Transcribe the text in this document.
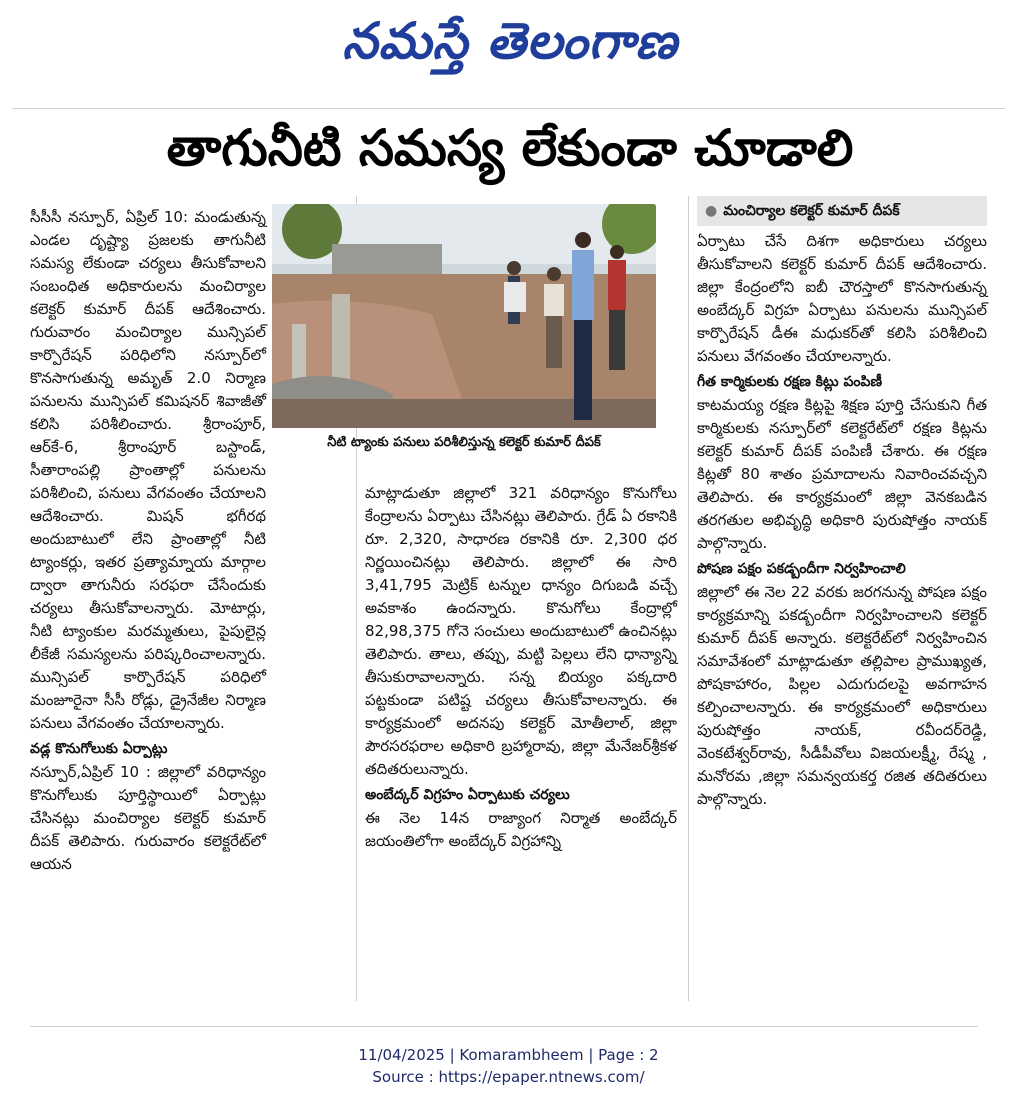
నమస్తే తెలంగాణ
తాగునీటి సమస్య లేకుండా చూడాలి

సీసీసీ నస్పూర్, ఏప్రిల్ 10: మండుతున్న ఎండల దృష్ట్యా ప్రజలకు తాగునీటి సమస్య లేకుండా చర్యలు తీసుకోవాలని సంబంధిత అధికారులను మంచిర్యాల కలెక్టర్ కుమార్ దీపక్ ఆదేశించారు. గురువారం మంచిర్యాల మున్సిపల్ కార్పొరేషన్ పరిధిలోని నస్పూర్‌లో కొనసాగుతున్న అమృత్ 2.0 నిర్మాణ పనులను మున్సిపల్ కమిషనర్ శివాజీతో కలిసి పరిశీలించారు. శ్రీరాంపూర్, ఆర్‌కే-6, శ్రీరాంపూర్ బస్టాండ్, సీతారాంపల్లి ప్రాంతాల్లో పనులను పరిశీలించి, పనులు వేగవంతం చేయాలని ఆదేశించారు. మిషన్ భగీరథ అందుబాటులో లేని ప్రాంతాల్లో నీటి ట్యాంకర్లు, ఇతర ప్రత్యామ్నాయ మార్గాల ద్వారా తాగునీరు సరఫరా చేసేందుకు చర్యలు తీసుకోవాలన్నారు. మోటార్లు, నీటి ట్యాంకుల మరమ్మతులు, పైపులైన్ల లీకేజీ సమస్యలను పరిష్కరించాలన్నారు. మున్సిపల్ కార్పొరేషన్ పరిధిలో మంజూరైనా సీసీ రోడ్లు, డ్రైనేజీల నిర్మాణ పనులు వేగవంతం చేయాలన్నారు.

వడ్ల కొనుగోలుకు ఏర్పాట్లు

నస్పూర్,ఏప్రిల్ 10 : జిల్లాలో వరిధాన్యం కొనుగోలుకు పూర్తిస్థాయిలో ఏర్పాట్లు చేసినట్లు మంచిర్యాల కలెక్టర్ కుమార్ దీపక్ తెలిపారు. గురువారం కలెక్టరేట్‌లో ఆయన

నీటి ట్యాంకు పనులు పరిశీలిస్తున్న కలెక్టర్ కుమార్ దీపక్

మాట్లాడుతూ జిల్లాలో 321 వరిధాన్యం కొనుగోలు కేంద్రాలను ఏర్పాటు చేసినట్లు తెలిపారు. గ్రేడ్ ఏ రకానికి రూ. 2,320, సాధారణ రకానికి రూ. 2,300 ధర నిర్ణయించినట్లు తెలిపారు. జిల్లాలో ఈ సారి 3,41,795 మెట్రిక్ టన్నుల ధాన్యం దిగుబడి వచ్చే అవకాశం ఉందన్నారు. కొనుగోలు కేంద్రాల్లో 82,98,375 గోనె సంచులు అందుబాటులో ఉంచినట్లు తెలిపారు. తాలు, తప్పు, మట్టి పెల్లలు లేని ధాన్యాన్ని తీసుకురావాలన్నారు. సన్న బియ్యం పక్కదారి పట్టకుండా పటిష్ట చర్యలు తీసుకోవాలన్నారు. ఈ కార్యక్రమంలో అదనపు కలెక్టర్ మోతీలాల్, జిల్లా పౌరసరఫరాల అధికారి బ్రహ్మారావు, జిల్లా మేనేజర్‌శ్రీకళ తదితరులున్నారు.

అంబేద్కర్ విగ్రహం ఏర్పాటుకు చర్యలు

ఈ నెల 14న రాజ్యాంగ నిర్మాత అంబేద్కర్ జయంతిలోగా అంబేద్కర్ విగ్రహాన్ని

● మంచిర్యాల కలెక్టర్ కుమార్ దీపక్

ఏర్పాటు చేసే దిశగా అధికారులు చర్యలు తీసుకోవాలని కలెక్టర్ కుమార్ దీపక్ ఆదేశించారు. జిల్లా కేంద్రంలోని ఐబీ చౌరస్తాలో కొనసాగుతున్న అంబేద్కర్ విగ్రహ ఏర్పాటు పనులను మున్సిపల్ కార్పొరేషన్ డీఈ మధుకర్‌తో కలిసి పరిశీలించి పనులు వేగవంతం చేయాలన్నారు.

గీత కార్మికులకు రక్షణ కిట్లు పంపిణీ

కాటమయ్య రక్షణ కిట్లపై శిక్షణ పూర్తి చేసుకుని గీత కార్మికులకు నస్పూర్‌లో కలెక్టరేట్‌లో రక్షణ కిట్లను కలెక్టర్ కుమార్ దీపక్ పంపిణీ చేశారు. ఈ రక్షణ కిట్లతో 80 శాతం ప్రమాదాలను నివారించవచ్చని తెలిపారు. ఈ కార్యక్రమంలో జిల్లా వెనకబడిన తరగతుల అభివృద్ధి అధికారి పురుషోత్తం నాయక్ పాల్గొన్నారు.

పోషణ పక్షం పకడ్బందీగా నిర్వహించాలి

జిల్లాలో ఈ నెల 22 వరకు జరగనున్న పోషణ పక్షం కార్యక్రమాన్ని పకడ్బందీగా నిర్వహించాలని కలెక్టర్ కుమార్ దీపక్ అన్నారు. కలెక్టరేట్‌లో నిర్వహించిన సమావేశంలో మాట్లాడుతూ తల్లిపాల ప్రాముఖ్యత, పోషకాహారం, పిల్లల ఎదుగుదలపై అవగాహన కల్పించాలన్నారు. ఈ కార్యక్రమంలో అధికారులు పురుషోత్తం నాయక్, రవీందర్‌రెడ్డి, వెంకటేశ్వర్‌రావు, సీడీపీవోలు విజయలక్ష్మీ, రేష్మ , మనోరమ ,జిల్లా సమన్వయకర్త రజిత తదితరులు పాల్గొన్నారు.

11/04/2025 | Komarambheem | Page : 2
Source : https://epaper.ntnews.com/
